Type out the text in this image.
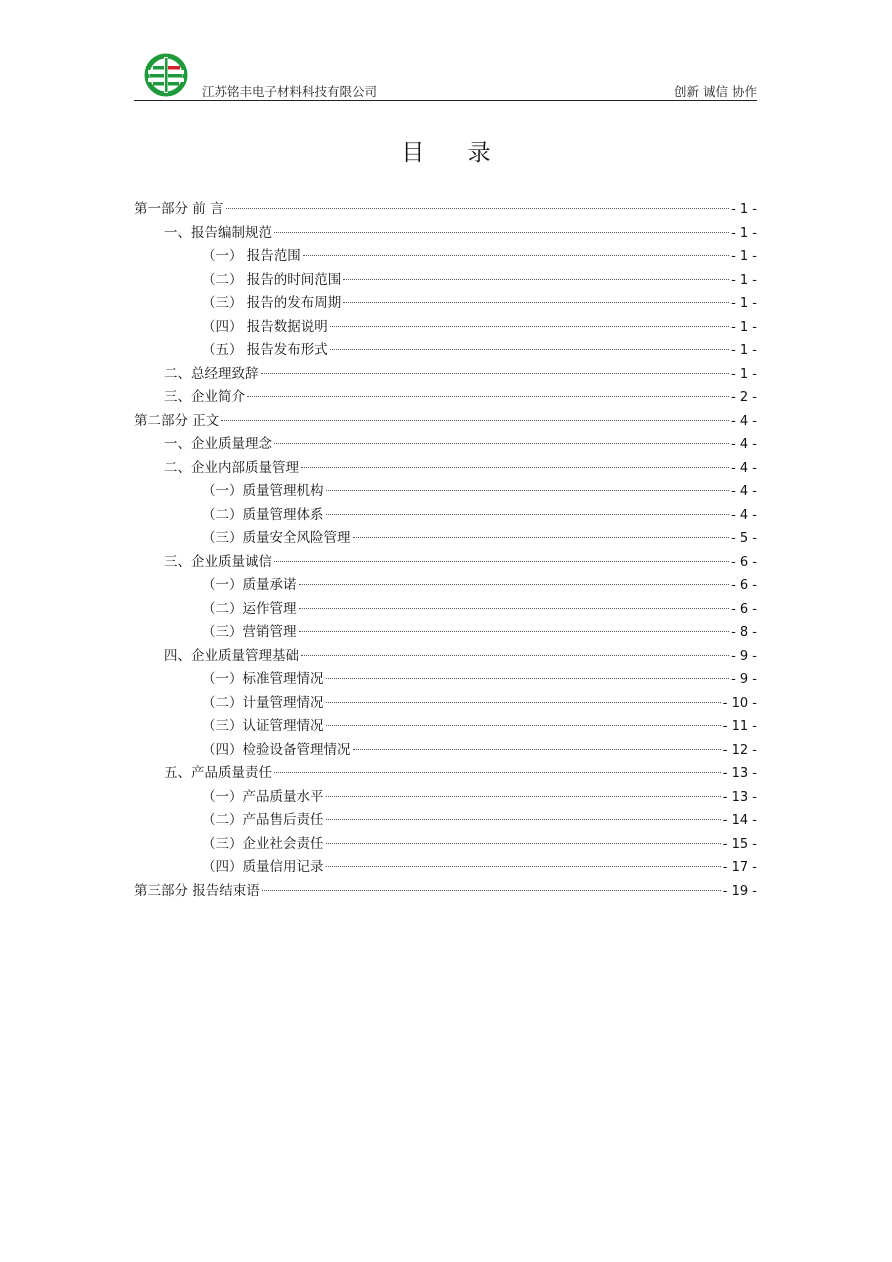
江苏铭丰电子材料科技有限公司	创新 诚信 协作
目 录
第一部分 前 言	- 1 -
一、报告编制规范	- 1 -
（一） 报告范围	- 1 -
（二） 报告的时间范围	- 1 -
（三） 报告的发布周期	- 1 -
（四） 报告数据说明	- 1 -
（五） 报告发布形式	- 1 -
二、总经理致辞	- 1 -
三、企业简介	- 2 -
第二部分 正文	- 4 -
一、企业质量理念	- 4 -
二、企业内部质量管理	- 4 -
（一）质量管理机构	- 4 -
（二）质量管理体系	- 4 -
（三）质量安全风险管理	- 5 -
三、企业质量诚信	- 6 -
（一）质量承诺	- 6 -
（二）运作管理	- 6 -
（三）营销管理	- 8 -
四、企业质量管理基础	- 9 -
（一）标准管理情况	- 9 -
（二）计量管理情况	- 10 -
（三）认证管理情况	- 11 -
（四）检验设备管理情况	- 12 -
五、产品质量责任	- 13 -
（一）产品质量水平	- 13 -
（二）产品售后责任	- 14 -
（三）企业社会责任	- 15 -
（四）质量信用记录	- 17 -
第三部分 报告结束语	- 19 -
